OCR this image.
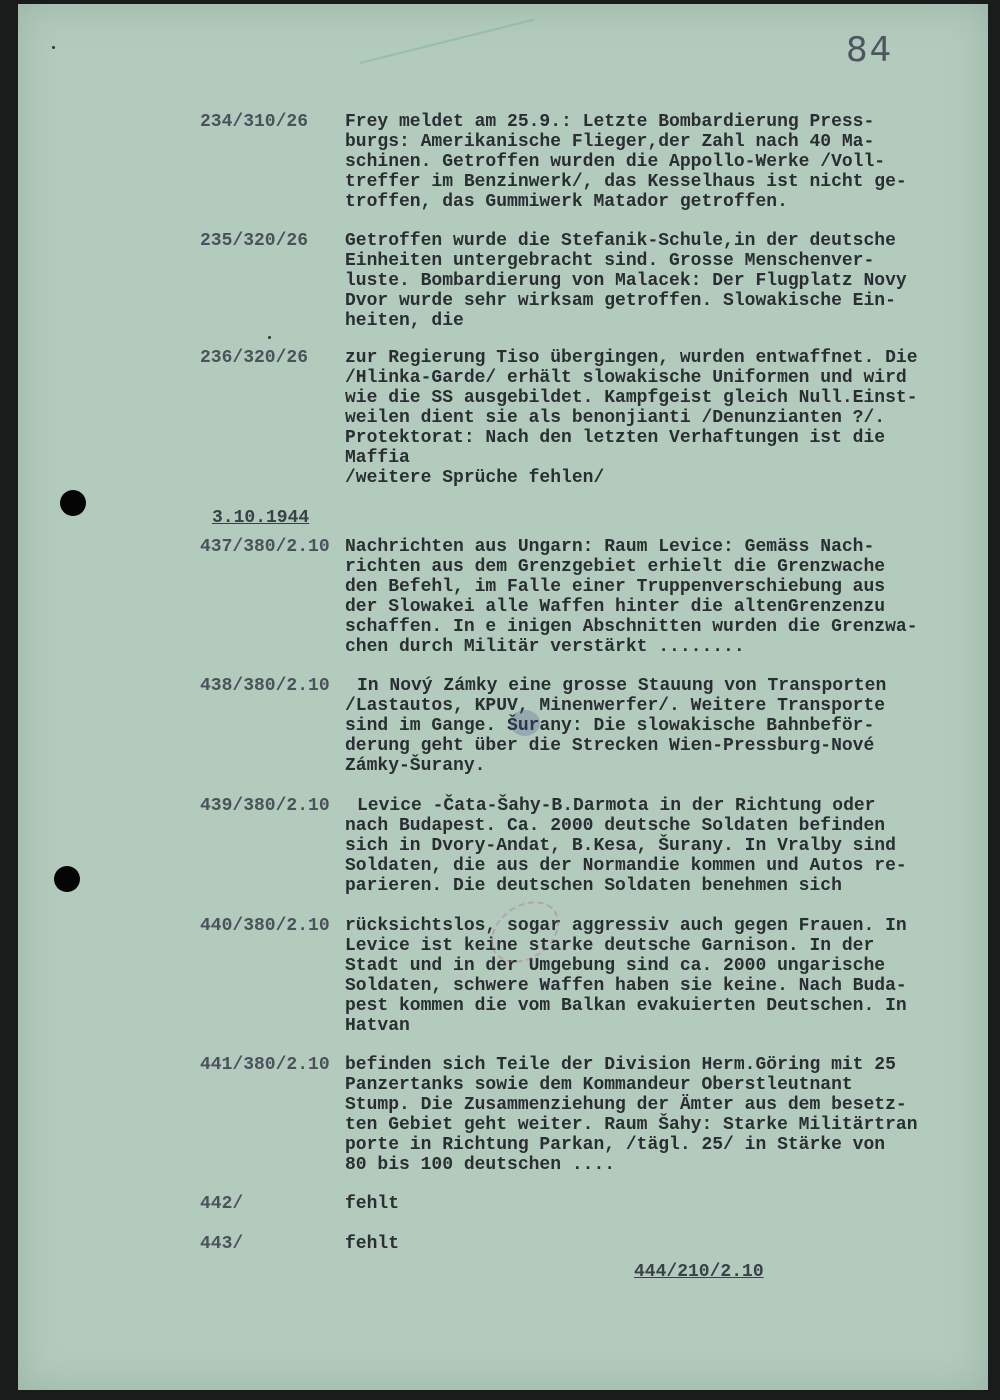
84
234/310/26 Frey meldet am 25.9.: Letzte Bombardierung Press-
burgs: Amerikanische Flieger,der Zahl nach 40 Ma-
schinen. Getroffen wurden die Appollo-Werke /Voll-
treffer im Benzinwerk/, das Kesselhaus ist nicht ge-
troffen, das Gummiwerk Matador getroffen.
235/320/26 Getroffen wurde die Stefanik-Schule,in der deutsche
Einheiten untergebracht sind. Grosse Menschenver-
luste. Bombardierung von Malacek: Der Flugplatz Novy
Dvor wurde sehr wirksam getroffen. Slowakische Ein-
heiten, die
236/320/26 zur Regierung Tiso übergingen, wurden entwaffnet. Die
/Hlinka-Garde/ erhält slowakische Uniformen und wird
wie die SS ausgebildet. Kampfgeist gleich Null.Einst-
weilen dient sie als benonjianti /Denunzianten ?/.
Protektorat: Nach den letzten Verhaftungen ist die
Maffia
/weitere Sprüche fehlen/
3.10.1944
437/380/2.10 Nachrichten aus Ungarn: Raum Levice: Gemäss Nach-
richten aus dem Grenzgebiet erhielt die Grenzwache
den Befehl, im Falle einer Truppenverschiebung aus
der Slowakei alle Waffen hinter die altenGrenzenzu
schaffen. In e inigen Abschnitten wurden die Grenzwa-
chen durch Militär verstärkt ........
438/380/2.10 In Nový Zámky eine grosse Stauung von Transporten
/Lastautos, KPUV, Minenwerfer/. Weitere Transporte
sind im Gange. Šurany: Die slowakische Bahnbeför-
derung geht über die Strecken Wien-Pressburg-Nové
Zámky-Šurany.
439/380/2.10 Levice -Čata-Šahy-B.Darmota in der Richtung oder
nach Budapest. Ca. 2000 deutsche Soldaten befinden
sich in Dvory-Andat, B.Kesa, Šurany. In Vralby sind
Soldaten, die aus der Normandie kommen und Autos re-
parieren. Die deutschen Soldaten benehmen sich
440/380/2.10 rücksichtslos, sogar aggressiv auch gegen Frauen. In
Levice ist keine starke deutsche Garnison. In der
Stadt und in der Umgebung sind ca. 2000 ungarische
Soldaten, schwere Waffen haben sie keine. Nach Buda-
pest kommen die vom Balkan evakuierten Deutschen. In
Hatvan
441/380/2.10 befinden sich Teile der Division Herm.Göring mit 25
Panzertanks sowie dem Kommandeur Oberstleutnant
Stump. Die Zusammenziehung der Ämter aus dem besetz-
ten Gebiet geht weiter. Raum Šahy: Starke Militärtran
porte in Richtung Parkan, /tägl. 25/ in Stärke von
80 bis 100 deutschen ....

442/

	fehlt

443/

	fehlt

444/210/2.10
